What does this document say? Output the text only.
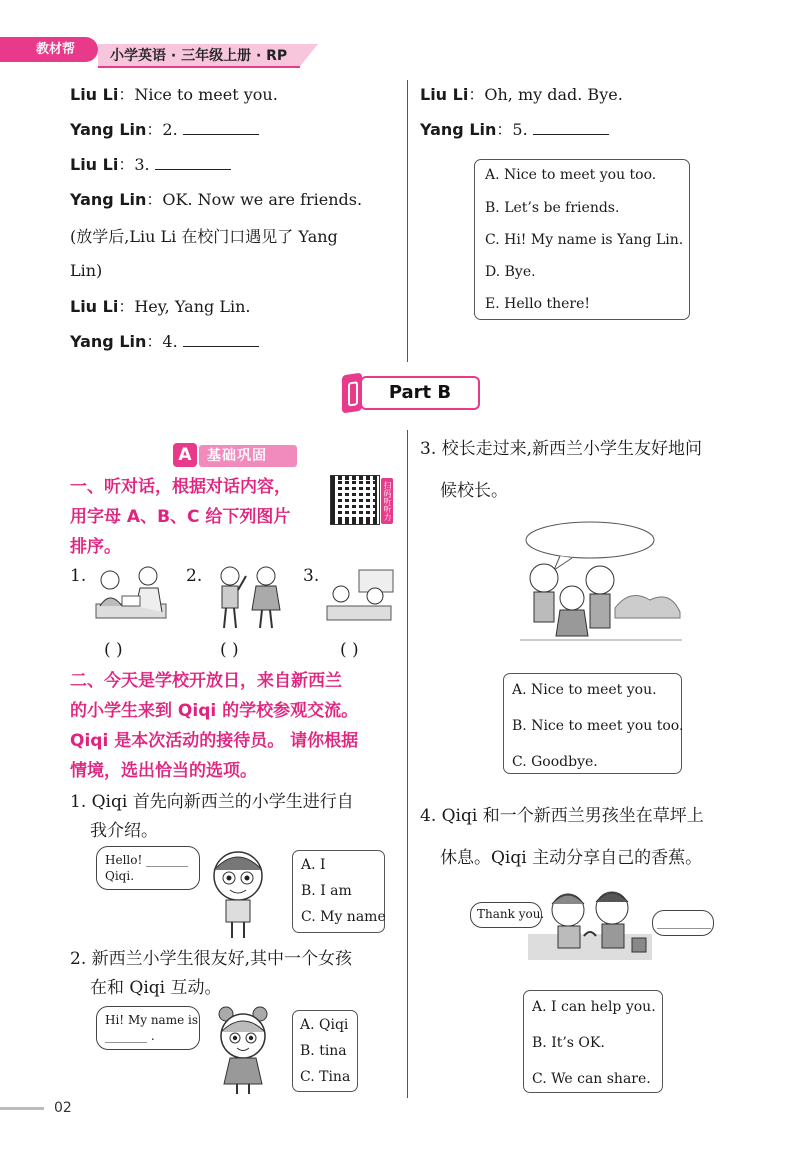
教材帮	小学英语 · 三年级上册 · RP
Liu Li：Nice to meet you.
Yang Lin：2.
Liu Li：3.
Yang Lin：OK. Now we are friends.
(放学后,Liu Li 在校门口遇见了 Yang
Lin)
Liu Li：Hey, Yang Lin.
Yang Lin：4.
Liu Li：Oh, my dad. Bye.
Yang Lin：5.
A. Nice to meet you too.
B. Let’s be friends.
C. Hi! My name is Yang Lin.
D. Bye.
E. Hello there!
Part B
A	基础巩固
一、听对话，根据对话内容，
用字母 A、B、C 给下列图片
排序。
扫码听听力
1.	2.	3.
( )	( )	( )
二、今天是学校开放日，来自新西兰
的小学生来到 Qiqi 的学校参观交流。
Qiqi 是本次活动的接待员。 请你根据
情境，选出恰当的选项。
1. Qiqi 首先向新西兰的小学生进行自
我介绍。
Hello! _______
Qiqi.
A. I
B. I am
C. My name
2. 新西兰小学生很友好,其中一个女孩
在和 Qiqi 互动。
Hi! My name is
_______ .
A. Qiqi
B. tina
C. Tina
3. 校长走过来,新西兰小学生友好地问
候校长。
A. Nice to meet you.
B. Nice to meet you too.
C. Goodbye.
4. Qiqi 和一个新西兰男孩坐在草坪上
休息。Qiqi 主动分享自己的香蕉。
Thank you.
_________
A. I can help you.
B. It’s OK.
C. We can share.
02
